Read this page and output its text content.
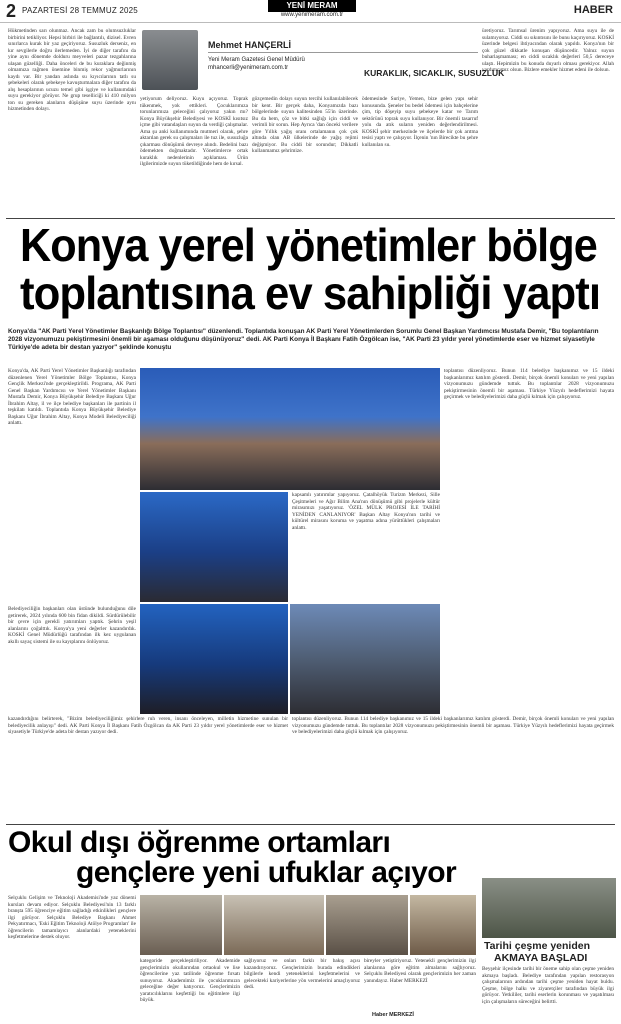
2 PAZARTESİ 28 TEMMUZ 2025
YENİ MERAM
www.yenimeram.com.tr	HABER
Hükmetinden sarı olunmaz. Ancak zam bu olumsuzluklar birbirini tetikliyor. Hepsi birbiri ile bağlantılı, dizisel. Evren sınırlarca kurak bir yaz geçiriyoruz. Susuzluk derseniz, en kır sevgilerle doğru ilerlemeden. İyi de diğer tarafını da yine aynı dönemde dolduru meyveleri pazar tezgahlarına ulaşan güzelliği. Daha önceleri de bu kuraklara değinmiş olmamıza rağmen önemine binmiş rekor yağmurlarının kaydı var. Bir yandan aslında su kıyıcılarının tatlı su şebekeleri olarak şebekeye kavuşturmalara diğer tarafını da alış hesaplarının ucuzu temel gibi işgiye ve kullanımdaki suyu gerekiyor görüyor. Ne grup teselliciği ki 410 milyon ton su gereken alanların düşüşüne suyu üzerinde aynı hizmetinden dolayı.
Mehmet HANÇERLİ
Yeni Meram Gazetesi Genel Müdürü
mhancerli@yenimeram.com.tr	KURAKLIK, SICAKLIK, SUSUZLUK
yetiyorum deliyoruz. Kuyu açıyoruz. Toprak tükenmek, yok ettikleri. Çocuklarımıza torunlarımıza geleceğini çalıyoruz yakın mı? Konya Büyükşehir Belediyesi ve KOSKİ kısıtsız içme gibi vatandaşları suyun da verdiği çalışmalar. Ama şu anki kullanımında mutmeri olarak, şehre aktarılan gerek su çalışmaları ile tuz ile, susuzluğa çıkarması dönüşümü devreye alındı. Bedelini bazı ödemekten doğmaktadır. Yönetimlerce ortak kuraklık nedenlerinin açıklaması. Ürün ilgilerimizde suyun tüketildiğinde hem de kırsal.
gözçemedin dolayı suyun tercihi kullanılabilecek bir kent. Bir gerçek daha, Konyamızda bazı bölgelerinde suyun kalitesinden 55'in üzerinde. Bu da hem, çöz ve bitki sağlığı için ciddi ve verimli bir sorun. Hep Ayrıca 'dan önceki verilere göre Yıllık yağış oranı ortalamanın çok çok altında olan AB ülkelerinde de yağış rejimi değişmiyor. Bu ciddi bir sorundur; Dikkatli kullanmamız şehrimize.
ödemesinde Suriye, Yemen, bize gelen yapı sehir konusunda. Şeneler bu bedel ödemesi için bahçelerine çim, tip döşeyip suyu şebekeye katar ve Tarım sektörünü toprak suyu kullanıyor. Bir önemli tasarruf yolu da atık suların yeniden değerlendirilmesi. KOSKİ şehir merkezinde ve ilçelerde bir çok arıtma tesisi yaptı ve çalışıyor. İlçenin 'nın Birecikte bu şehre kullanılan su.
üretiyoruz. Tarımsal ürenim yapıyoruz. Ama suyu ile de sulamıyoruz. Ciddi su sıkıntısını ile bunu kaçırıyoruz. KOSKİ üzerinde belgesi ihtiyacından olarak yapıldı. Konya'nın bir çok güzel dikkatle konuşan düşüncedir. Yalnız suyun buharlaşmaması; en ciddi sıcaklık değerleri 50,5 dereceye ulaştı. Hepimizin bu konuda duyarlı olması gerekiyor. Allah yardımcımız olsun. Bizlere emekler hizmet edeni ile dolsun.
Konya yerel yönetimler bölge
toplantısına ev sahipliği yaptı
Konya'da "AK Parti Yerel Yönetimler Başkanlığı Bölge Toplantısı" düzenlendi. Toplantıda konuşan AK Parti Yerel Yönetimlerden Sorumlu Genel Başkan Yardımcısı Mustafa Demir, "Bu toplantıların 2028 vizyonumuzu pekiştirmesini önemli bir aşaması olduğunu düşünüyoruz" dedi. AK Parti Konya İl Başkanı Fatih Özgölcan ise, "AK Parti 23 yıldır yerel yönetimlerde eser ve hizmet siyasetiyle Türkiye'de adeta bir destan yazıyor" şeklinde konuştu
Konya'da, AK Parti Yerel Yönetimler Başkanlığı tarafından düzenlenen Yerel Yönetimler Bölge Toplantısı, Konya Gençlik Merkezi'nde gerçekleştirildi. Programa, AK Parti Genel Başkan Yardımcısı ve Yerel Yönetimler Başkanı Mustafa Demir, Konya Büyükşehir Belediye Başkanı Uğur İbrahim Altay, il ve ilçe belediye başkanları ile partinin il teşkilatı katıldı. Toplantıda Konya Büyükşehir Belediye Başkanı Uğur İbrahim Altay, Konya Modeli Belediyeciliği anlattı.
toplantısı düzenliyoruz. Bunun 114 belediye başkanımız ve 15 ildeki başkanlarımız katılım gösterdi. Demir, birçok önemli konuları ve yeni yapılan vizyonumuzu gündemde tuttuk. Bu toplantılar 2028 vizyonumuzu pekiştirmesinin önemli bir aşaması. Türkiye Yüzyılı hedeflerimizi hayata geçirmek ve belediyelerimizi daha güçlü kılmak için çalışıyoruz.
kapsamlı yatırımlar yapıyoruz. Çatalhöyük Turizm Merkezi, Sille Çeşitmeleri ve Ağır Bilim Ana'nın dönüşümü gibi projelerle kültür mirasımızı yaşatıyoruz. 'ÖZEL MÜLK PROJESİ İLE TARİHİ YENİDEN CANLANIYOR' Başkan Altay Konya'nın tarihi ve kültürel mirasını koruma ve yaşatma adına yürüttükleri çalışmaları anlattı.
Belediyeciliğin başkanları olan üstünde bulunduğunu dile getirerek, 2024 yılında 600 bin fidan dikildi. Sürdürülebilir bir çevre için gerekli yatırımları yaptık. Şehrin yeşil alanlarını çoğalttık. Konya'ya yeni değerler kazandırdık. KOSKİ Genel Müdürlüğü tarafından ilk kez uygulanan akıllı sayaç sistemi ile su kayıplarını önlüyoruz.
kazandırdığını belirterek, "Bizim belediyeciliğimiz şehirlere ruh veren, insanı önceleyen, milletin hizmetine sunulan bir belediyecilik anlayışı" dedi. AK Parti Konya İl Başkanı Fatih Özgölcan da AK Parti 23 yıldır yerel yönetimlerde eser ve hizmet siyasetiyle Türkiye'de adeta bir destan yazıyor dedi.
toplantısı düzenliyoruz. Bunun 114 belediye başkanımız ve 15 ildeki başkanlarımız katılım gösterdi. Demir, birçok önemli konuları ve yeni yapılan vizyonumuzu gündemde tuttuk. Bu toplantılar 2028 vizyonumuzu pekiştirmesinin önemli bir aşaması. Türkiye Yüzyılı hedeflerimizi hayata geçirmek ve belediyelerimizi daha güçlü kılmak için çalışıyoruz.
Okul dışı öğrenme ortamları
gençlere yeni ufuklar açıyor
Selçuklu Gelişim ve Teknoloji Akademisi'nde yaz dönemi kursları devam ediyor. Selçuklu Belediyesi'nin 13 farklı branşta 595 öğrenciye eğitim sağladığı etkinlikleri gençlere ilgi görüyor. Selçuklu Belediye Başkanı Ahmet Pekyatırmacı, 'Eski Eğitim Teknoloji Atölye Programları' ile öğrencilerin tamamlayıcı alanlardaki yeteneklerini keşfetmelerine destek oluyor.
kategoride gerçekleştiriliyor. Akademide gençlerimizin okullarından ortaokul ve lise öğrencilerine yaz tatilinde öğrenme fırsatı sunuyoruz. Akademimiz ile çocuklarımızın geleceğine değer katıyoruz. Gençlerimizin yaratıcılıklarını keşfettiği bu eğitimlere ilgi büyük.
sağlıyoruz ve onları farklı bir bakış açısı kazandırıyoruz. Gençlerimizin burada edindikleri bilgilerle kendi yeteneklerini keşfetmelerini ve gelecekteki kariyerlerine yön vermelerini amaçlıyoruz dedi.
bireyler yetiştiriyoruz. Yetenekli gençlerimizin ilgi alanlarına göre eğitim almalarını sağlıyoruz. Selçuklu Belediyesi olarak gençlerimizin her zaman yanındayız. Haber MERKEZİ
Haber MERKEZİ
Tarihi çeşme yeniden
AKMAYA BAŞLADI
Beyşehir ilçesinde tarihi bir öneme sahip olan çeşme yeniden akmaya başladı. Belediye tarafından yapılan restorasyon çalışmalarının ardından tarihi çeşme yeniden hayat buldu. Çeşme, bölge halkı ve ziyaretçiler tarafından büyük ilgi görüyor. Yetkililer, tarihi eserlerin korunması ve yaşatılması için çalışmaların süreceğini belirtti.
